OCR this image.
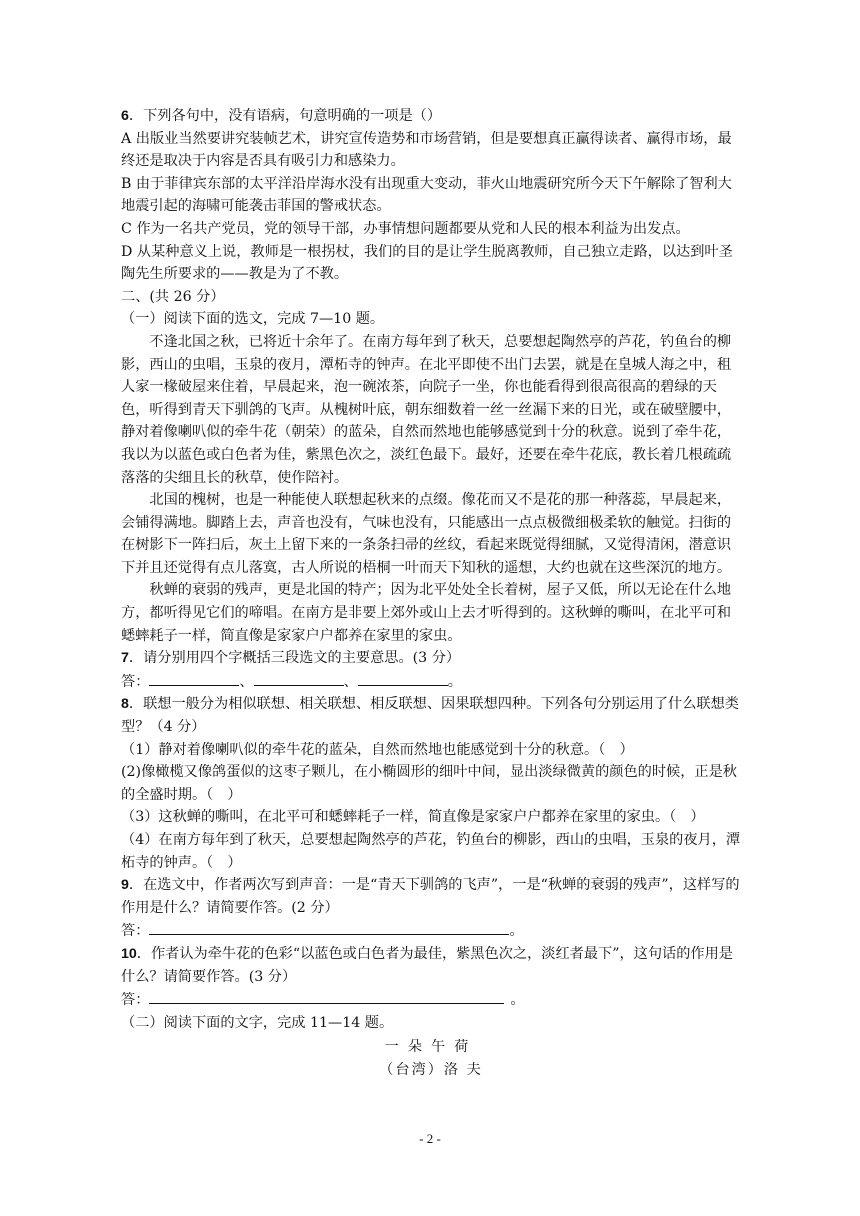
6．下列各句中，没有语病，句意明确的一项是（）

A 出版业当然要讲究装帧艺术，讲究宣传造势和市场营销，但是要想真正赢得读者、赢得市场，最终还是取决于内容是否具有吸引力和感染力。

B 由于菲律宾东部的太平洋沿岸海水没有出现重大变动，菲火山地震研究所今天下午解除了智利大地震引起的海啸可能袭击菲国的警戒状态。

C 作为一名共产党员，党的领导干部，办事情想问题都要从党和人民的根本利益为出发点。

D 从某种意义上说，教师是一根拐杖，我们的目的是让学生脱离教师，自己独立走路，以达到叶圣陶先生所要求的——教是为了不教。

二、(共 26 分）

（一）阅读下面的选文，完成 7—10 题。

不逢北国之秋，已将近十余年了。在南方每年到了秋天，总要想起陶然亭的芦花，钓鱼台的柳影，西山的虫唱，玉泉的夜月，潭柘寺的钟声。在北平即使不出门去罢，就是在皇城人海之中，租人家一椽破屋来住着，早晨起来，泡一碗浓茶，向院子一坐，你也能看得到很高很高的碧绿的天色，听得到青天下驯鸽的飞声。从槐树叶底，朝东细数着一丝一丝漏下来的日光，或在破壁腰中，静对着像喇叭似的牵牛花（朝荣）的蓝朵，自然而然地也能够感觉到十分的秋意。说到了牵牛花，我以为以蓝色或白色者为佳，紫黑色次之，淡红色最下。最好，还要在牵牛花底，教长着几根疏疏落落的尖细且长的秋草，使作陪衬。

北国的槐树，也是一种能使人联想起秋来的点缀。像花而又不是花的那一种落蕊，早晨起来，会铺得满地。脚踏上去，声音也没有，气味也没有，只能感出一点点极微细极柔软的触觉。扫街的在树影下一阵扫后，灰土上留下来的一条条扫帚的丝纹，看起来既觉得细腻，又觉得清闲，潜意识下并且还觉得有点儿落寞，古人所说的梧桐一叶而天下知秋的遥想，大约也就在这些深沉的地方。

秋蝉的衰弱的残声，更是北国的特产；因为北平处处全长着树，屋子又低，所以无论在什么地方，都听得见它们的啼唱。在南方是非要上郊外或山上去才听得到的。这秋蝉的嘶叫，在北平可和蟋蟀耗子一样，简直像是家家户户都养在家里的家虫。

7．请分别用四个字概括三段选文的主要意思。(3 分）

答：	、	、	。

8．联想一般分为相似联想、相关联想、相反联想、因果联想四种。下列各句分别运用了什么联想类型？（4 分）

（1）静对着像喇叭似的牵牛花的蓝朵，自然而然地也能感觉到十分的秋意。（　）

(2)像橄榄又像鸽蛋似的这枣子颗儿，在小椭圆形的细叶中间，显出淡绿微黄的颜色的时候，正是秋的全盛时期。（　）

（3）这秋蝉的嘶叫，在北平可和蟋蟀耗子一样，简直像是家家户户都养在家里的家虫。（　）

（4）在南方每年到了秋天，总要想起陶然亭的芦花，钓鱼台的柳影，西山的虫唱，玉泉的夜月，潭柘寺的钟声。（　）

9．在选文中，作者两次写到声音：一是“青天下驯鸽的飞声”，一是“秋蝉的衰弱的残声”，这样写的作用是什么？请简要作答。(2 分）

答：	。

10．作者认为牵牛花的色彩“以蓝色或白色者为最佳，紫黑色次之，淡红者最下”，这句话的作用是什么？请简要作答。(3 分）

答：	。

（二）阅读下面的文字，完成 11—14 题。

一朵午荷

（台湾）洛 夫

- 2 -
